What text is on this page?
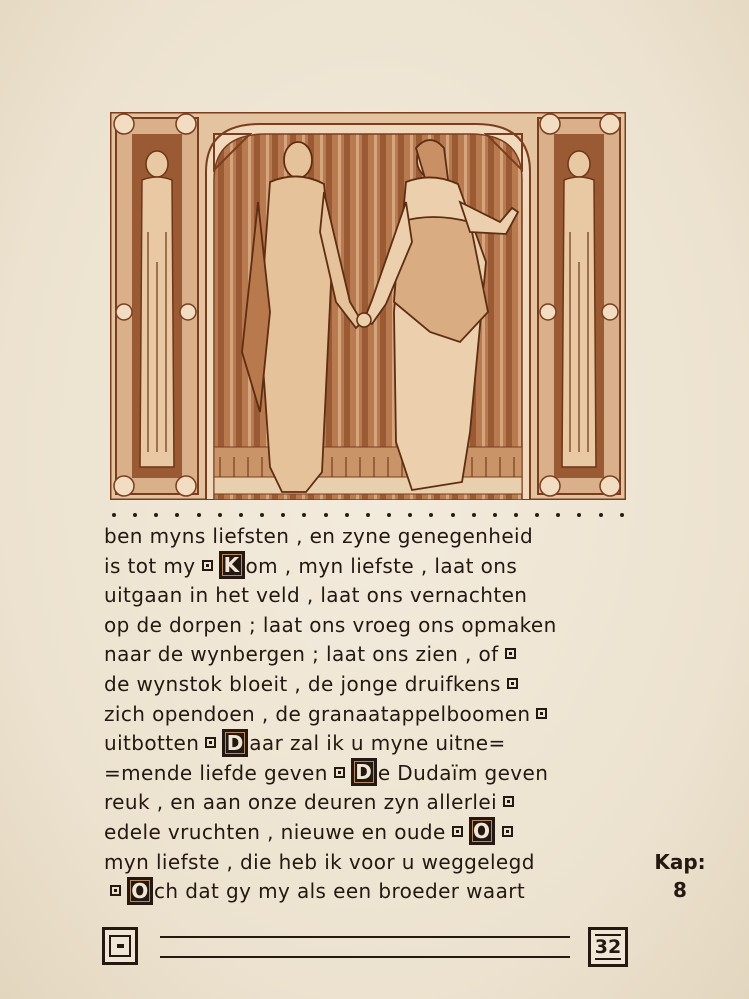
ben myns liefsten , en zyne genegenheid
is tot my K om , myn liefste , laat ons
uitgaan in het veld , laat ons vernachten
op de dorpen ; laat ons vroeg ons opmaken
naar de wynbergen ; laat ons zien , of
de wynstok bloeit , de jonge druifkens
zich opendoen , de granaatappelboomen
uitbotten D aar zal ik u myne uitne=
=mende liefde geven D e Dudaïm geven
reuk , en aan onze deuren zyn allerlei
edele vruchten , nieuwe en oude O
myn liefste , die heb ik voor u weggelegd
O ch dat gy my als een broeder waart
Kap:
8
32
